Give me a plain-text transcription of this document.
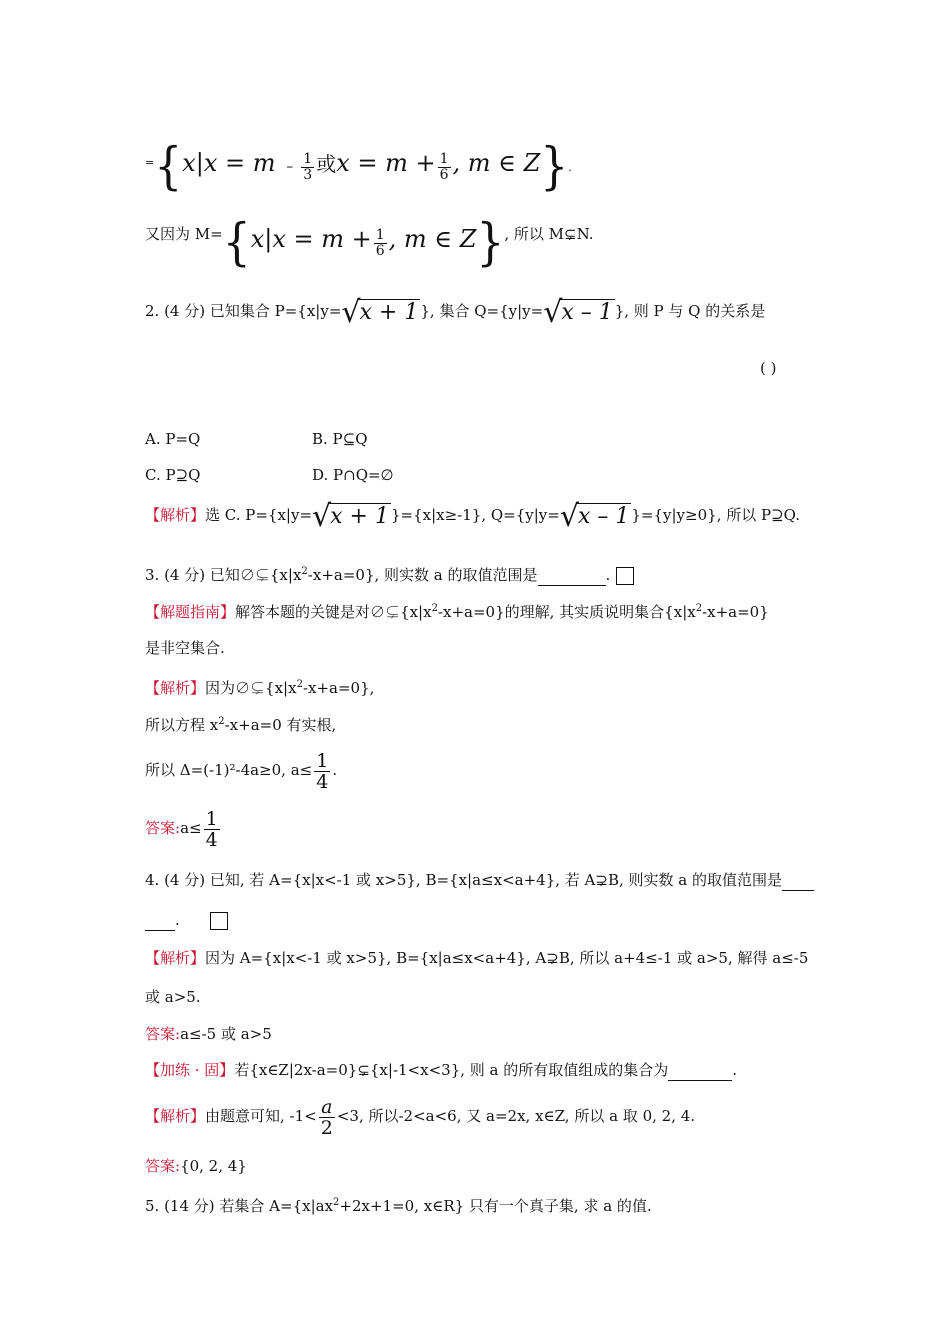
$^=\{x|x = m - \frac{1}{3}$ 或$x = m + \frac{1}{6}$ , m ∈ Z}.
又因为 $M=\{x|x = m + \frac{1}{6}$ , m ∈ Z}, 所以 M⊊N.
2. (4 分) 已知集合 P={x|y=√x + 1 }, 集合 Q={y|y=√x – 1 }, 则 P 与 Q 的关系是
( )
A. P=Q	B. P⊆Q
C. P⊇Q	D. P∩Q=∅
【解析】选 C. P={x|y=√x + 1 }={x|x≥-1}, Q={y|y=√x – 1 }={y|y≥0}, 所以 P⊇Q.
3. (4 分) 已知$\emptyset⊊\{x|x^2-x+a=0\}$, 则实数 a 的取值范围是	.
【解题指南】解答本题的关键是对$\emptyset⊊\{x|x^2-x+a=0\}$的理解, 其实质说明集合$\{x|x^2-x+a=0\}$
是非空集合.
【解析】因为$\emptyset⊊\{x|x^2-x+a=0\}$,
所以方程 $x^2-x+a=0$ 有实根,
所以 Δ=(-1)²-4a≥0, $a\le \frac{1}{4}$ .
答案:a≤ $\frac{1}{4}$
4. (4 分) 已知, 若 A={x|x<-1 或 x>5}, B={x|a≤x<a+4}, 若 A⊋B, 则实数 a 的取值范围是
.
【解析】因为 A={x|x<-1 或 x>5}, B={x|a≤x<a+4}, A⊋B, 所以 a+4≤-1 或 a>5, 解得 a≤-5
或 a>5.
答案:a≤-5 或 a>5
【加练 · 固】若{x∈Z|2x-a=0}⊊{x|-1<x<3}, 则 a 的所有取值组成的集合为	.
【解析】由题意可知, $-1< \frac{a}{2} <3$, 所以-2<a<6, 又 a=2x, x∈Z, 所以 a 取 0, 2, 4.
答案:{0, 2, 4}
5. (14 分) 若集合 $A=\{x|ax^2+2x+1=0$, x∈R} 只有一个真子集, 求 a 的值.
